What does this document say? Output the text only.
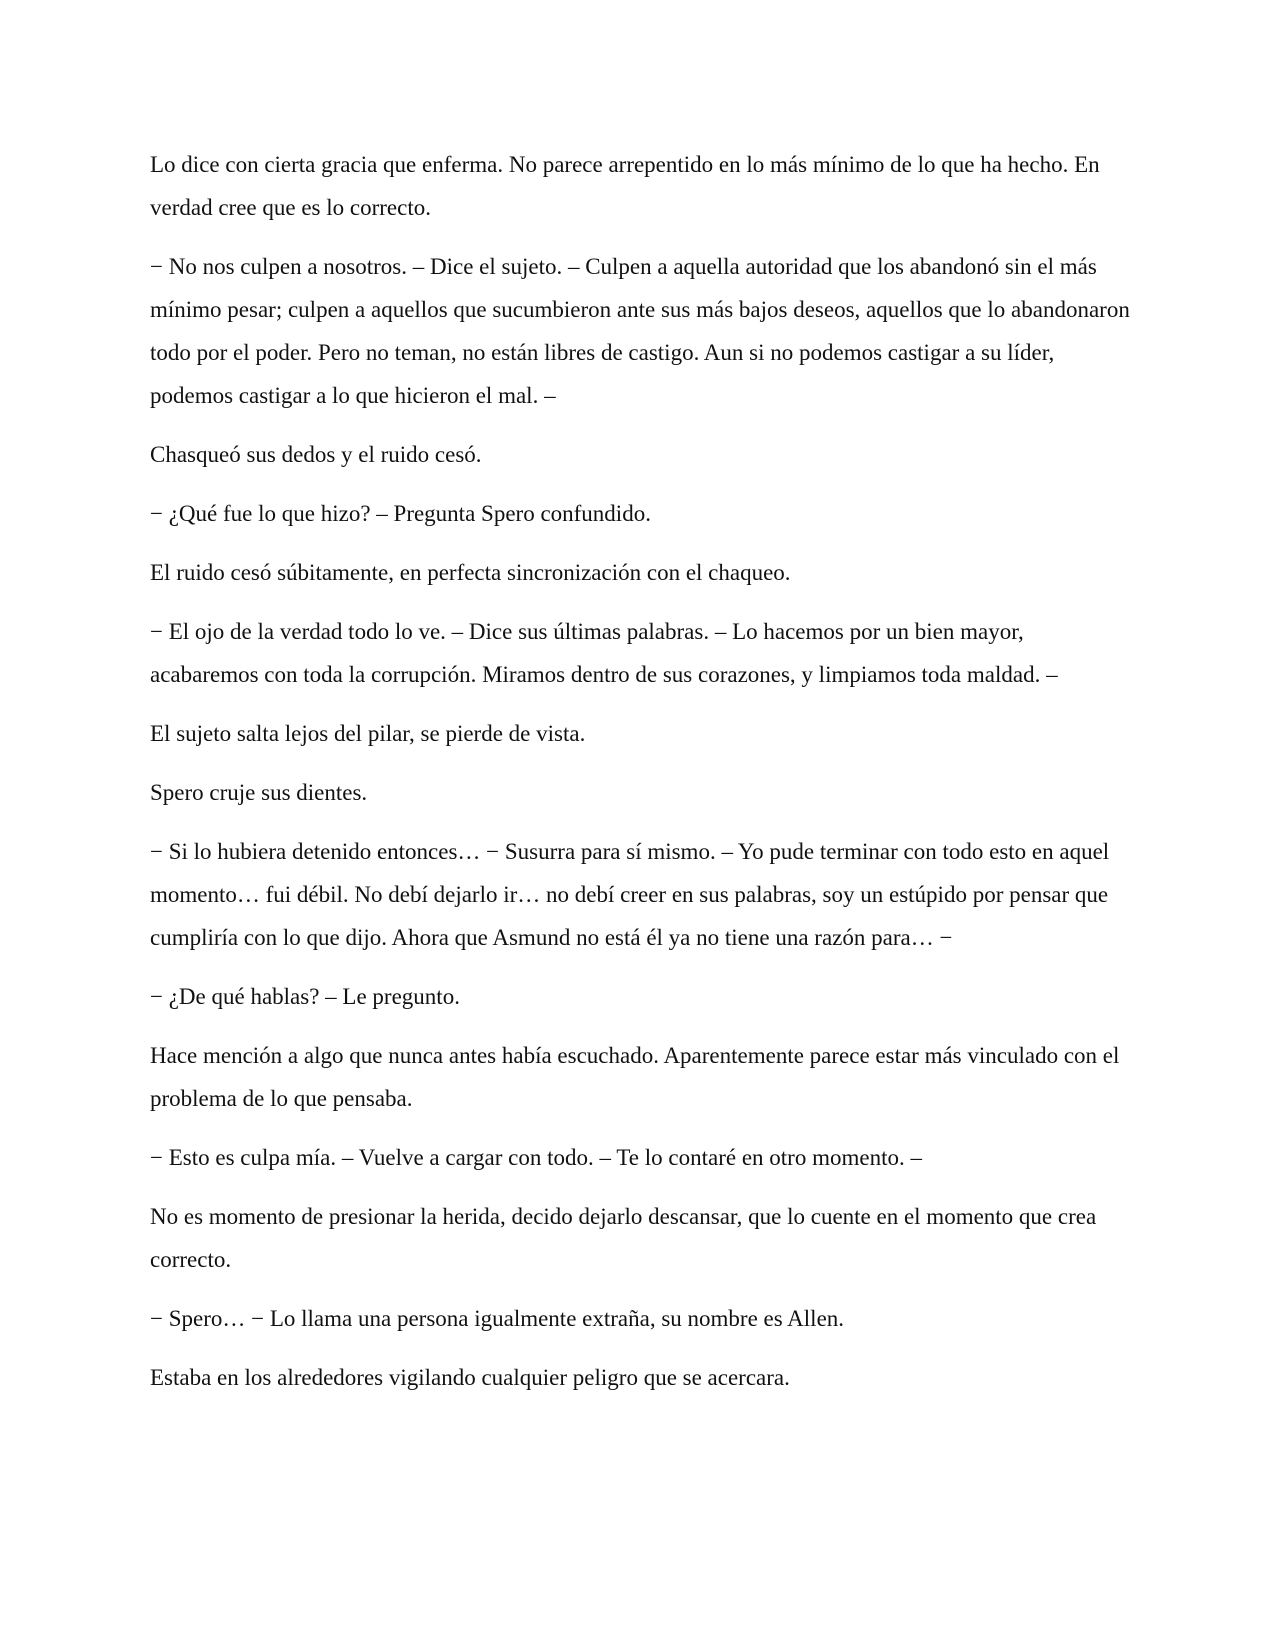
Lo dice con cierta gracia que enferma. No parece arrepentido en lo más mínimo de lo que ha hecho. En verdad cree que es lo correcto.

− No nos culpen a nosotros. – Dice el sujeto. – Culpen a aquella autoridad que los abandonó sin el más mínimo pesar; culpen a aquellos que sucumbieron ante sus más bajos deseos, aquellos que lo abandonaron todo por el poder. Pero no teman, no están libres de castigo. Aun si no podemos castigar a su líder, podemos castigar a lo que hicieron el mal. –

Chasqueó sus dedos y el ruido cesó.

− ¿Qué fue lo que hizo? – Pregunta Spero confundido.

El ruido cesó súbitamente, en perfecta sincronización con el chaqueo.

− El ojo de la verdad todo lo ve. – Dice sus últimas palabras. – Lo hacemos por un bien mayor, acabaremos con toda la corrupción. Miramos dentro de sus corazones, y limpiamos toda maldad. –

El sujeto salta lejos del pilar, se pierde de vista.

Spero cruje sus dientes.

− Si lo hubiera detenido entonces… − Susurra para sí mismo. – Yo pude terminar con todo esto en aquel momento… fui débil. No debí dejarlo ir… no debí creer en sus palabras, soy un estúpido por pensar que cumpliría con lo que dijo. Ahora que Asmund no está él ya no tiene una razón para… −

− ¿De qué hablas? – Le pregunto.

Hace mención a algo que nunca antes había escuchado. Aparentemente parece estar más vinculado con el problema de lo que pensaba.

− Esto es culpa mía. – Vuelve a cargar con todo. – Te lo contaré en otro momento. –

No es momento de presionar la herida, decido dejarlo descansar, que lo cuente en el momento que crea correcto.

− Spero… − Lo llama una persona igualmente extraña, su nombre es Allen.

Estaba en los alrededores vigilando cualquier peligro que se acercara.
